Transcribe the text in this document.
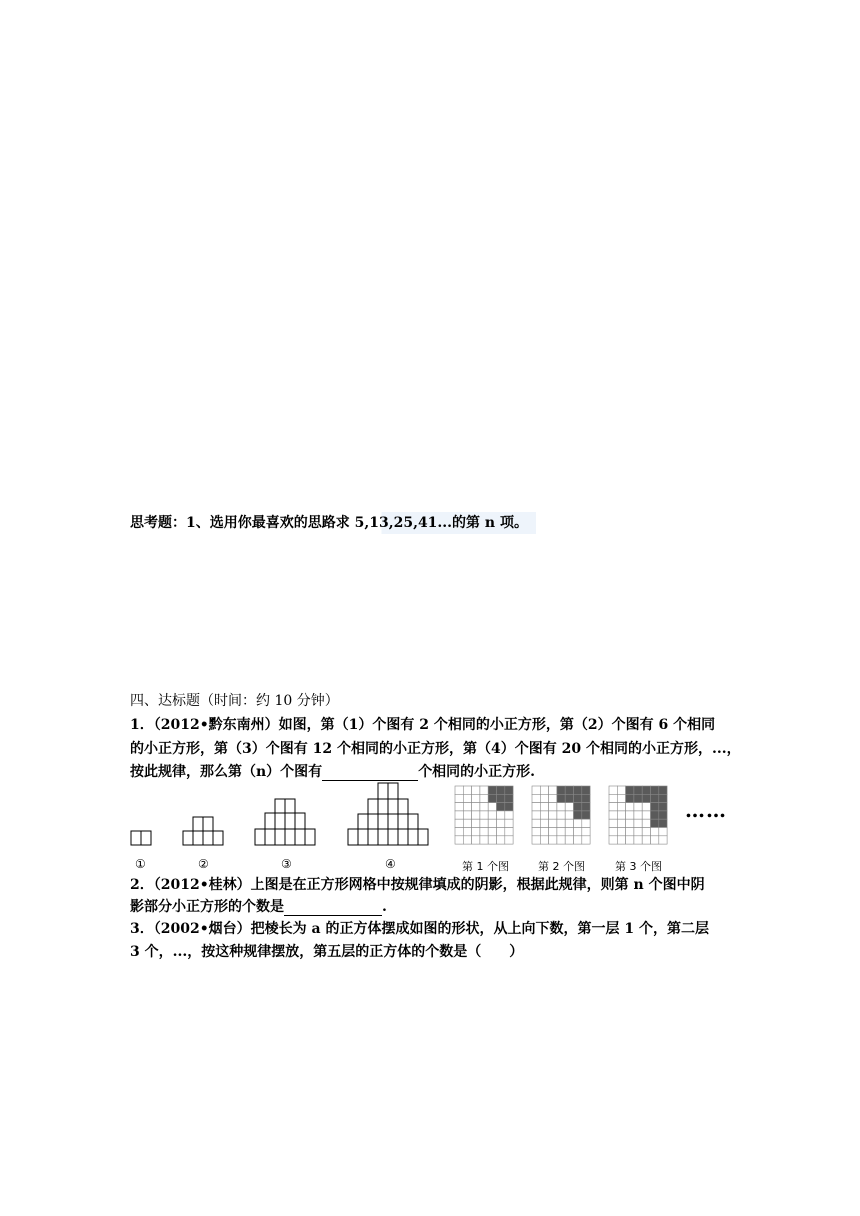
思考题：1、选用你最喜欢的思路求 5,13,25,41...的第 n 项。
四、达标题（时间：约 10 分钟）
1．（2012•黔东南州）如图，第（1）个图有 2 个相同的小正方形，第（2）个图有 6 个相同
的小正方形，第（3）个图有 12 个相同的小正方形，第（4）个图有 20 个相同的小正方形，...，
按此规律，那么第（n）个图有	个相同的小正方形.
……
①	②	③	④	第 1 个图	第 2 个图	第 3 个图
2．（2012•桂林）上图是在正方形网格中按规律填成的阴影，根据此规律，则第 n 个图中阴
影部分小正方形的个数是	.
3．（2002•烟台）把棱长为 a 的正方体摆成如图的形状，从上向下数，第一层 1 个，第二层
3 个，...，按这种规律摆放，第五层的正方体的个数是（　　）
